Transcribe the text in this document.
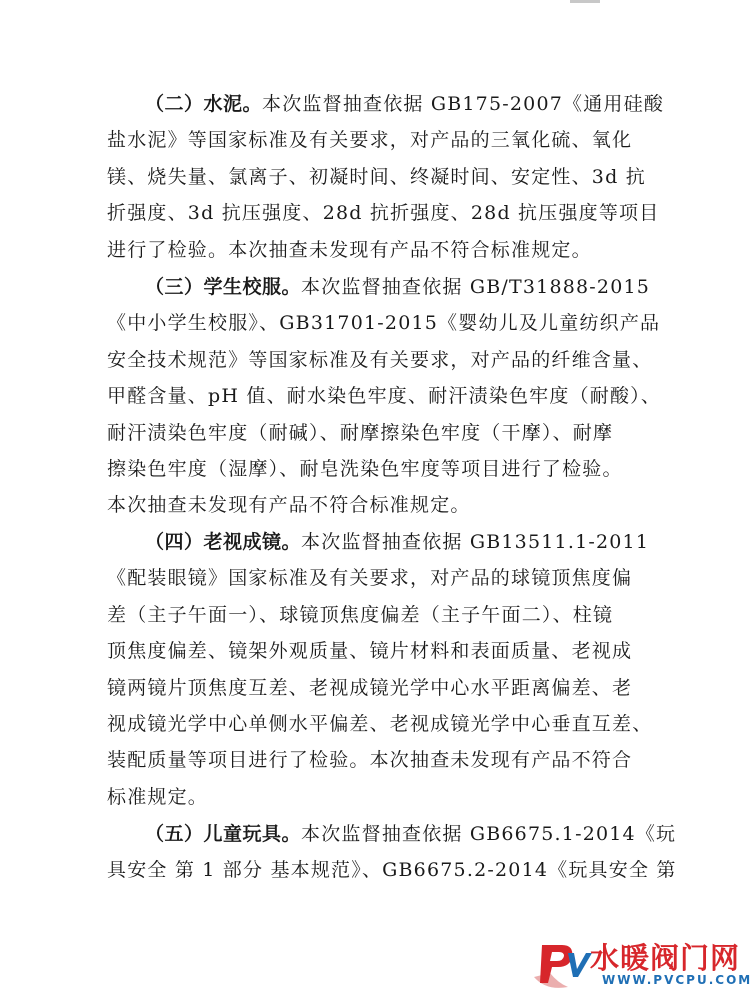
（二）水泥。本次监督抽查依据 GB175-2007《通用硅酸
盐水泥》等国家标准及有关要求，对产品的三氧化硫、氧化
镁、烧失量、氯离子、初凝时间、终凝时间、安定性、3d 抗
折强度、3d 抗压强度、28d 抗折强度、28d 抗压强度等项目
进行了检验。本次抽查未发现有产品不符合标准规定。
（三）学生校服。本次监督抽查依据 GB/T31888-2015
《中小学生校服》、GB31701-2015《婴幼儿及儿童纺织产品
安全技术规范》等国家标准及有关要求，对产品的纤维含量、
甲醛含量、pH 值、耐水染色牢度、耐汗渍染色牢度（耐酸）、
耐汗渍染色牢度（耐碱）、耐摩擦染色牢度（干摩）、耐摩
擦染色牢度（湿摩）、耐皂洗染色牢度等项目进行了检验。
本次抽查未发现有产品不符合标准规定。
（四）老视成镜。本次监督抽查依据 GB13511.1-2011
《配装眼镜》国家标准及有关要求，对产品的球镜顶焦度偏
差（主子午面一）、球镜顶焦度偏差（主子午面二）、柱镜
顶焦度偏差、镜架外观质量、镜片材料和表面质量、老视成
镜两镜片顶焦度互差、老视成镜光学中心水平距离偏差、老
视成镜光学中心单侧水平偏差、老视成镜光学中心垂直互差、
装配质量等项目进行了检验。本次抽查未发现有产品不符合
标准规定。
（五）儿童玩具。本次监督抽查依据 GB6675.1-2014《玩
具安全 第 1 部分 基本规范》、GB6675.2-2014《玩具安全 第
水暖阀门网
WWW.PVCPU.COM
